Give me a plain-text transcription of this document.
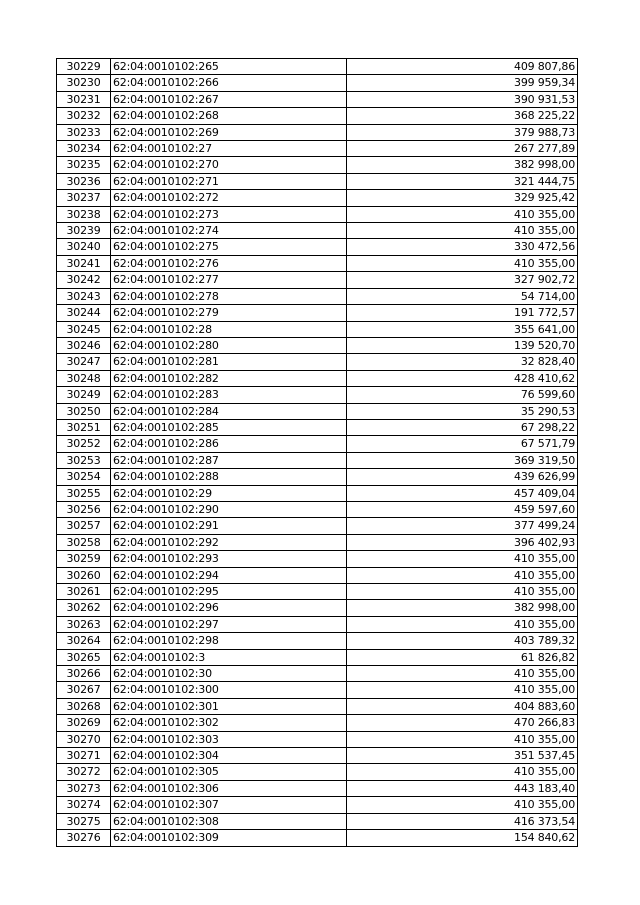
30229	62:04:0010102:265	409 807,86
30230	62:04:0010102:266	399 959,34
30231	62:04:0010102:267	390 931,53
30232	62:04:0010102:268	368 225,22
30233	62:04:0010102:269	379 988,73
30234	62:04:0010102:27	267 277,89
30235	62:04:0010102:270	382 998,00
30236	62:04:0010102:271	321 444,75
30237	62:04:0010102:272	329 925,42
30238	62:04:0010102:273	410 355,00
30239	62:04:0010102:274	410 355,00
30240	62:04:0010102:275	330 472,56
30241	62:04:0010102:276	410 355,00
30242	62:04:0010102:277	327 902,72
30243	62:04:0010102:278	54 714,00
30244	62:04:0010102:279	191 772,57
30245	62:04:0010102:28	355 641,00
30246	62:04:0010102:280	139 520,70
30247	62:04:0010102:281	32 828,40
30248	62:04:0010102:282	428 410,62
30249	62:04:0010102:283	76 599,60
30250	62:04:0010102:284	35 290,53
30251	62:04:0010102:285	67 298,22
30252	62:04:0010102:286	67 571,79
30253	62:04:0010102:287	369 319,50
30254	62:04:0010102:288	439 626,99
30255	62:04:0010102:29	457 409,04
30256	62:04:0010102:290	459 597,60
30257	62:04:0010102:291	377 499,24
30258	62:04:0010102:292	396 402,93
30259	62:04:0010102:293	410 355,00
30260	62:04:0010102:294	410 355,00
30261	62:04:0010102:295	410 355,00
30262	62:04:0010102:296	382 998,00
30263	62:04:0010102:297	410 355,00
30264	62:04:0010102:298	403 789,32
30265	62:04:0010102:3	61 826,82
30266	62:04:0010102:30	410 355,00
30267	62:04:0010102:300	410 355,00
30268	62:04:0010102:301	404 883,60
30269	62:04:0010102:302	470 266,83
30270	62:04:0010102:303	410 355,00
30271	62:04:0010102:304	351 537,45
30272	62:04:0010102:305	410 355,00
30273	62:04:0010102:306	443 183,40
30274	62:04:0010102:307	410 355,00
30275	62:04:0010102:308	416 373,54
30276	62:04:0010102:309	154 840,62
